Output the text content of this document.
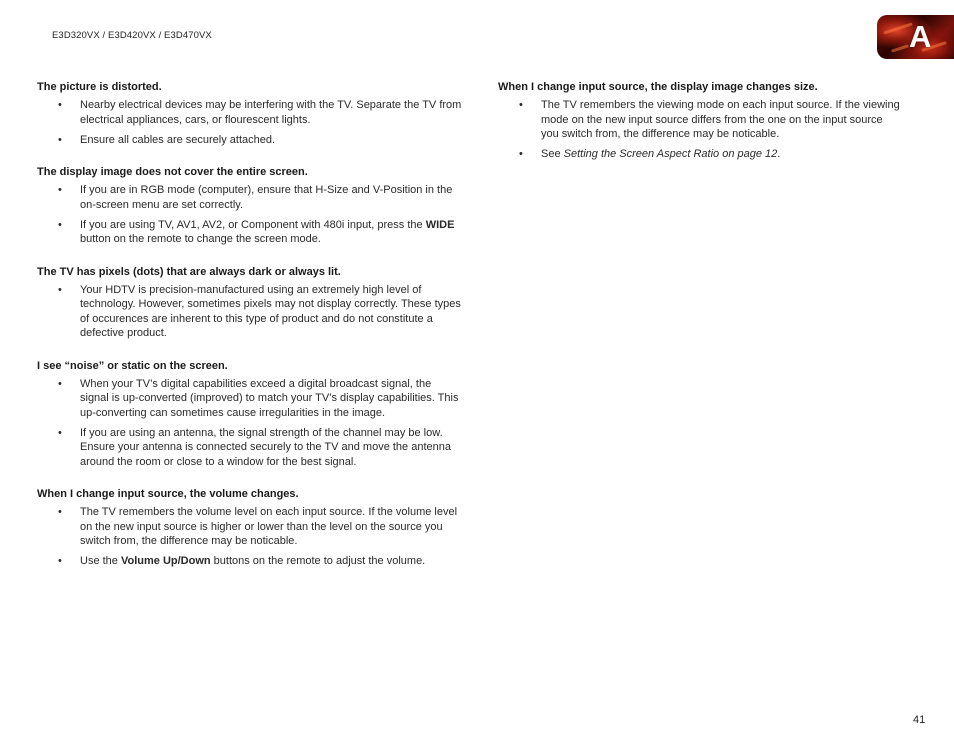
E3D320VX / E3D420VX / E3D470VX	A
The picture is distorted.
• Nearby electrical devices may be interfering with the TV. Separate the TV from electrical appliances, cars, or flourescent lights.
• Ensure all cables are securely attached.
The display image does not cover the entire screen.
• If you are in RGB mode (computer), ensure that H-Size and V-Position in the on-screen menu are set correctly.
• If you are using TV, AV1, AV2, or Component with 480i input, press the WIDE button on the remote to change the screen mode.
The TV has pixels (dots) that are always dark or always lit.
• Your HDTV is precision-manufactured using an extremely high level of technology. However, sometimes pixels may not display correctly. These types of occurences are inherent to this type of product and do not constitute a defective product.
I see “noise” or static on the screen.
• When your TV’s digital capabilities exceed a digital broadcast signal, the signal is up-converted (improved) to match your TV’s display capabilities. This up-converting can sometimes cause irregularities in the image.
• If you are using an antenna, the signal strength of the channel may be low. Ensure your antenna is connected securely to the TV and move the antenna around the room or close to a window for the best signal.
When I change input source, the volume changes.
• The TV remembers the volume level on each input source. If the volume level on the new input source is higher or lower than the level on the source you switch from, the difference may be noticable.
• Use the Volume Up/Down buttons on the remote to adjust the volume.
When I change input source, the display image changes size.
• The TV remembers the viewing mode on each input source. If the viewing mode on the new input source differs from the one on the input source you switch from, the difference may be noticable.
• See Setting the Screen Aspect Ratio on page 12.
41
